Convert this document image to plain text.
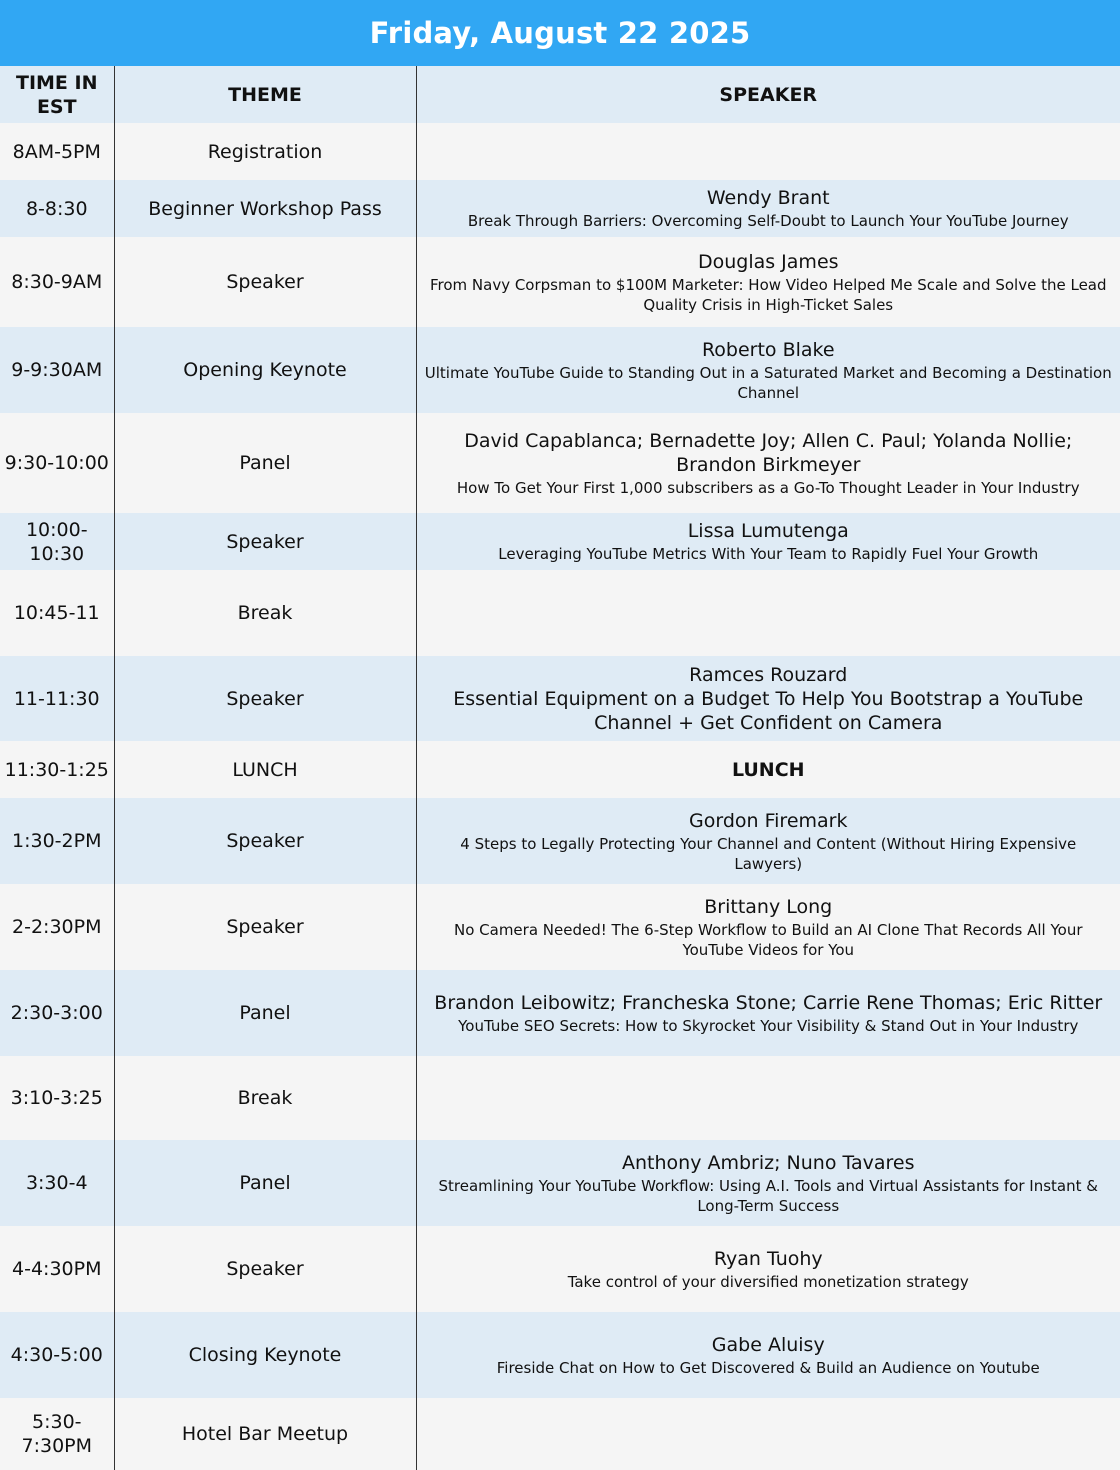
Friday, August 22 2025
TIME IN EST	THEME	SPEAKER
8AM-5PM	Registration	
8-8:30	Beginner Workshop Pass	Wendy Brant
Break Through Barriers: Overcoming Self-Doubt to Launch Your YouTube Journey

8:30-9AM	Speaker	Douglas James
From Navy Corpsman to $100M Marketer: How Video Helped Me Scale and Solve the Lead Quality Crisis in High-Ticket Sales

9-9:30AM	Opening Keynote	Roberto Blake
Ultimate YouTube Guide to Standing Out in a Saturated Market and Becoming a Destination Channel

9:30-10:00	Panel	David Capablanca; Bernadette Joy; Allen C. Paul; Yolanda Nollie; Brandon Birkmeyer
How To Get Your First 1,000 subscribers as a Go-To Thought Leader in Your Industry

10:00-10:30	Speaker	Lissa Lumutenga
Leveraging YouTube Metrics With Your Team to Rapidly Fuel Your Growth

10:45-11	Break	
11-11:30	Speaker	Ramces Rouzard
Essential Equipment on a Budget To Help You Bootstrap a YouTube Channel + Get Confident on Camera

11:30-1:25	LUNCH	LUNCH

1:30-2PM	Speaker	Gordon Firemark
4 Steps to Legally Protecting Your Channel and Content (Without Hiring Expensive Lawyers)

2-2:30PM	Speaker	Brittany Long
No Camera Needed! The 6-Step Workflow to Build an AI Clone That Records All Your YouTube Videos for You

2:30-3:00	Panel	Brandon Leibowitz; Francheska Stone; Carrie Rene Thomas; Eric Ritter
YouTube SEO Secrets: How to Skyrocket Your Visibility & Stand Out in Your Industry

3:10-3:25	Break	
3:30-4	Panel	Anthony Ambriz; Nuno Tavares
Streamlining Your YouTube Workflow: Using A.I. Tools and Virtual Assistants for Instant & Long-Term Success

4-4:30PM	Speaker	Ryan Tuohy
Take control of your diversified monetization strategy

4:30-5:00	Closing Keynote	Gabe Aluisy
Fireside Chat on How to Get Discovered & Build an Audience on Youtube

5:30-7:30PM	Hotel Bar Meetup	
